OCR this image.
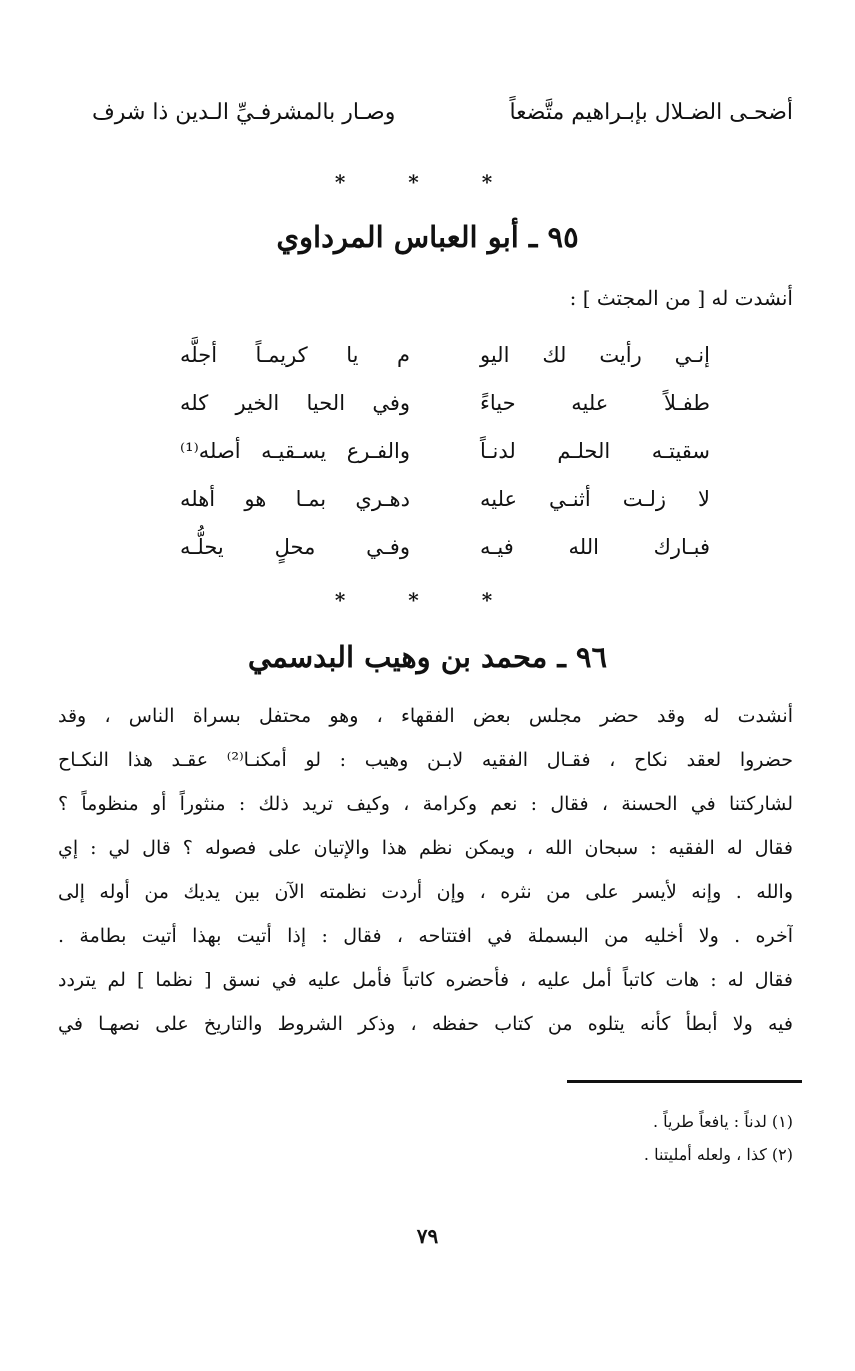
أضحـى الضـلال بإبـراهيم متَّضعاً
وصـار بالمشرفـيِّ الـدين ذا شرف
* * *
٩٥ ـ أبو العباس المرداوي
أنشدت له [ من المجتث ] :
إنـي رأيت لك اليو
م يا كريمـاً أجلَّه
طفـلاً عليه حياءً
وفي الحيا الخير كله
سقيتـه الحلـم لدنـاً
والفـرع يسـقيـه أصله⁽¹⁾
لا زلـت أثنـي عليه
دهـري بمـا هو أهله
فبـارك الله فيـه
وفـي محلٍ يحلُّـه
* * *
٩٦ ـ محمد بن وهيب البدسمي
أنشدت له وقد حضر مجلس بعض الفقهاء ، وهو محتفل بسراة الناس ، وقد
حضروا لعقد نكاح ، فقـال الفقيه لابـن وهيب : لو أمكنـا⁽²⁾ عقـد هذا النكـاح
لشاركتنا في الحسنة ، فقال : نعم وكرامة ، وكيف تريد ذلك : منثوراً أو منظوماً ؟
فقال له الفقيه : سبحان الله ، ويمكن نظم هذا والإتيان على فصوله ؟ قال لي : إي
والله . وإنه لأيسر على من نثره ، وإن أردت نظمته الآن بين يديك من أوله إلى
آخره . ولا أخليه من البسملة في افتتاحه ، فقال : إذا أتيت بهذا أتيت بطامة .
فقال له : هات كاتباً أمل عليه ، فأحضره كاتباً فأمل عليه في نسق [ نظما ] لم يتردد
فيه ولا أبطأ كأنه يتلوه من كتاب حفظه ، وذكر الشروط والتاريخ على نصهـا في
(١) لدناً : يافعاً طرياً .
(٢) كذا ، ولعله أمليتنا .
٧٩
